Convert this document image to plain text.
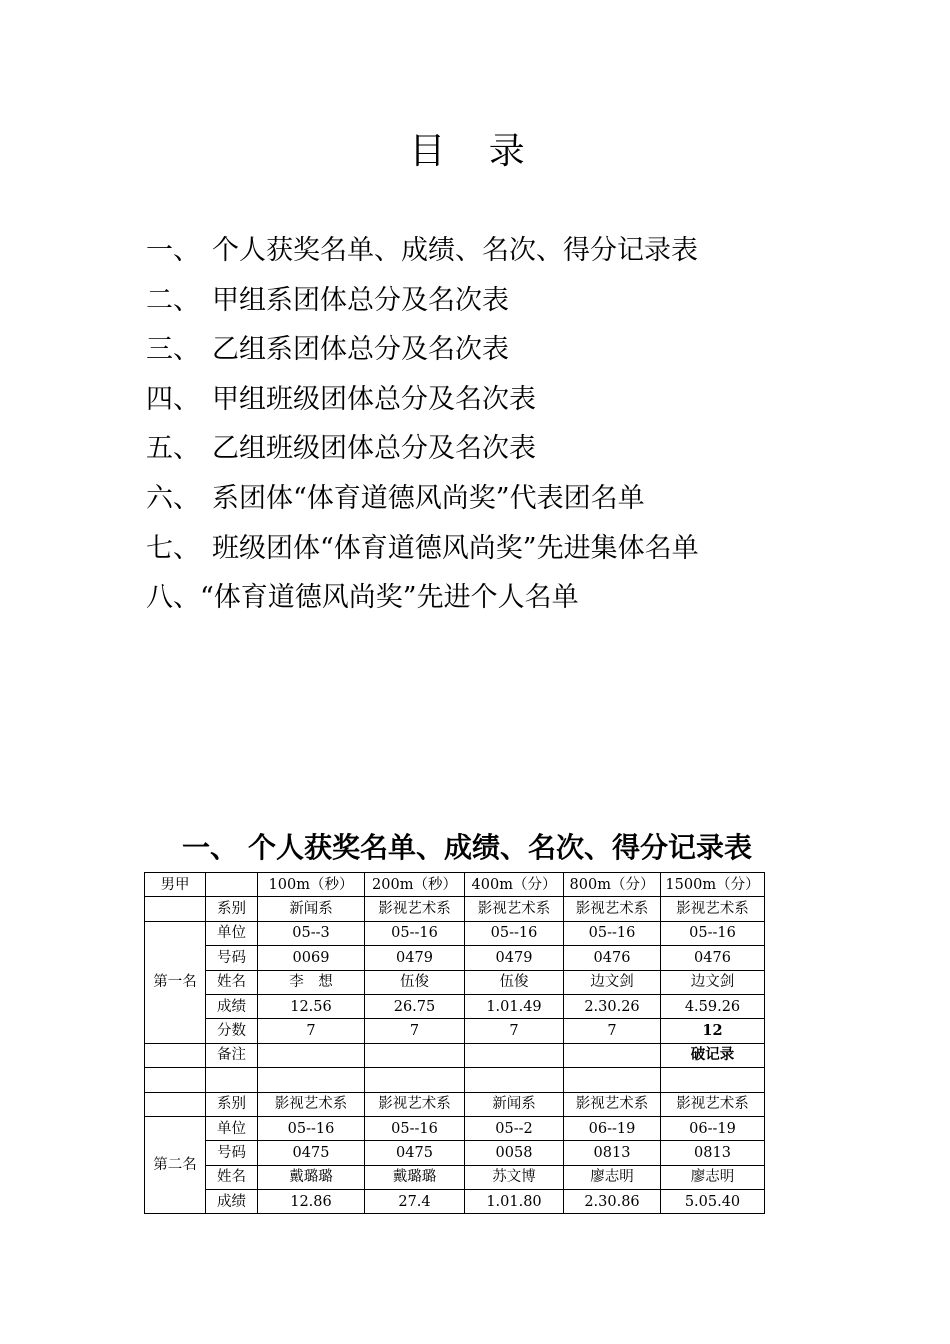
目 录
一、 个人获奖名单、成绩、名次、得分记录表
二、 甲组系团体总分及名次表
三、 乙组系团体总分及名次表
四、 甲组班级团体总分及名次表
五、 乙组班级团体总分及名次表
六、 系团体“体育道德风尚奖”代表团名单
七、 班级团体“体育道德风尚奖”先进集体名单
八、“体育道德风尚奖”先进个人名单
一、 个人获奖名单、成绩、名次、得分记录表
男甲		100m（秒）	200m（秒）	400m（分）	800m（分）	1500m（分）
	系别	新闻系	影视艺术系	影视艺术系	影视艺术系	影视艺术系
第一名	单位	05--3	05--16	05--16	05--16	05--16
	号码	0069	0479	0479	0476	0476
	姓名	李　想	伍俊	伍俊	边文剑	边文剑
	成绩	12.56	26.75	1.01.49	2.30.26	4.59.26
	分数	7	7	7	7	12
	备注					破记录

	系别	影视艺术系	影视艺术系	新闻系	影视艺术系	影视艺术系
第二名	单位	05--16	05--16	05--2	06--19	06--19
	号码	0475	0475	0058	0813	0813
	姓名	戴璐璐	戴璐璐	苏文博	廖志明	廖志明
	成绩	12.86	27.4	1.01.80	2.30.86	5.05.40
